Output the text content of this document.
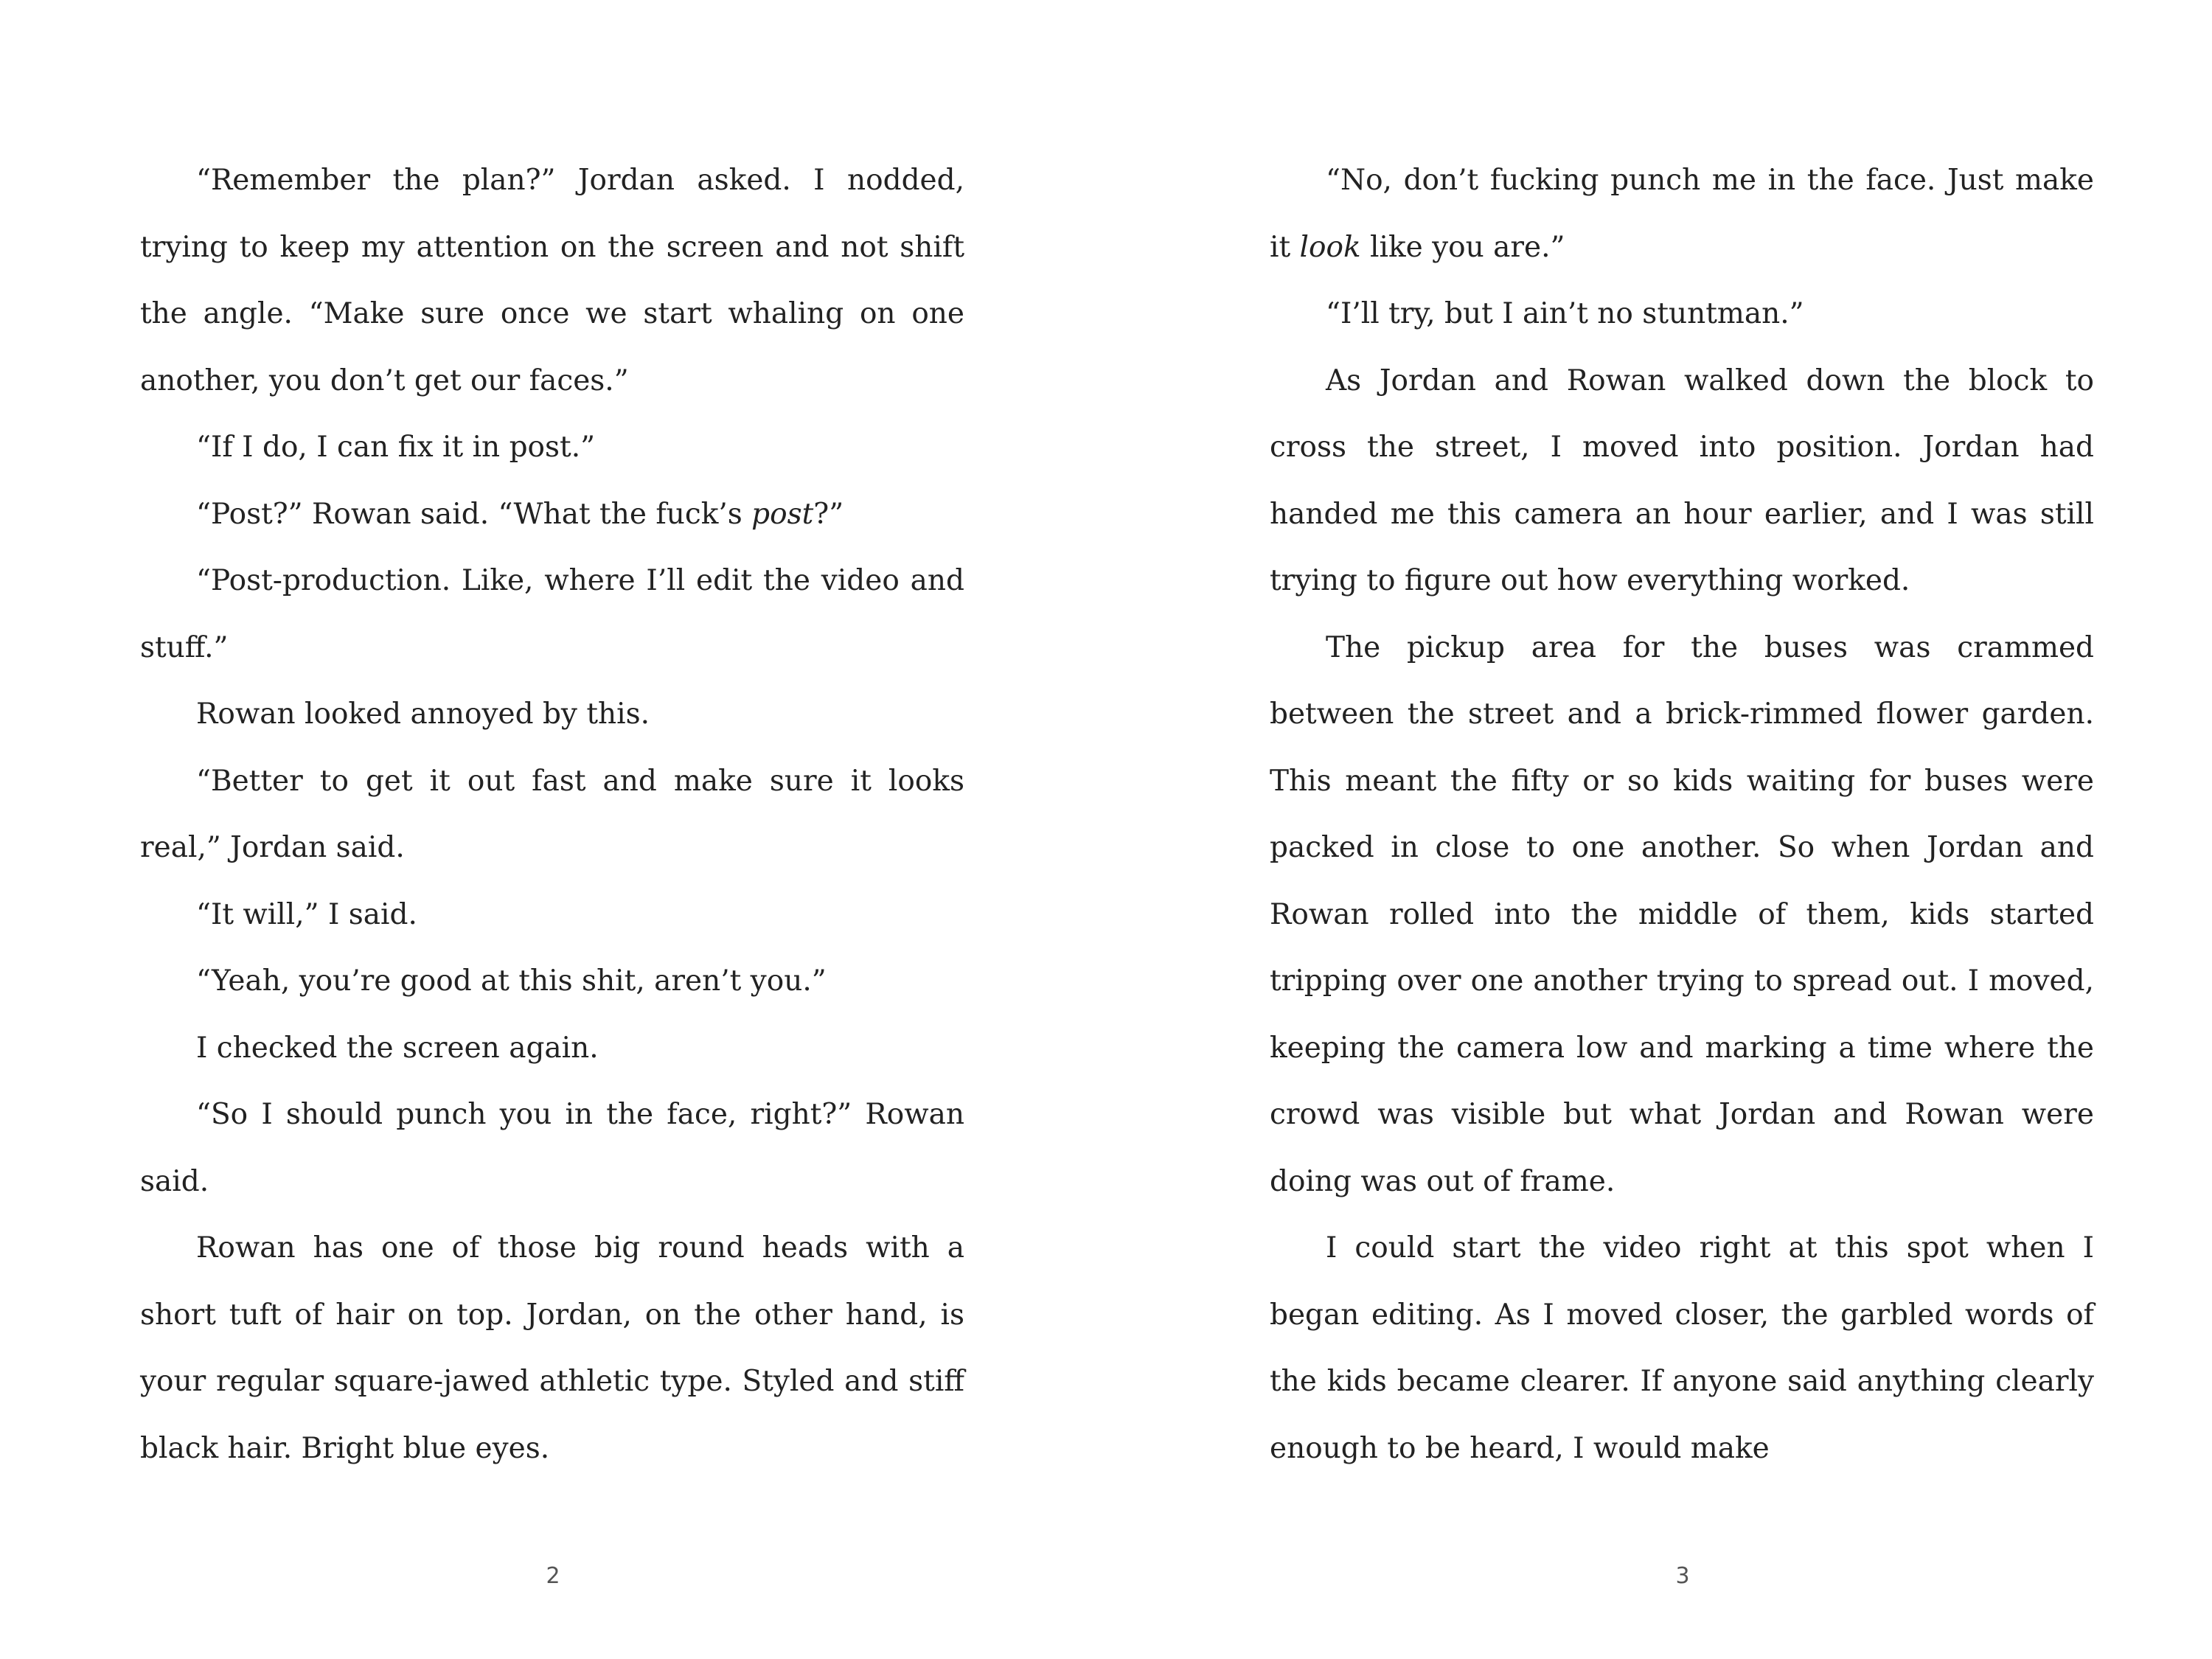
“Remember the plan?” Jordan asked. I nodded, trying to keep my attention on the screen and not shift the angle. “Make sure once we start whaling on one another, you don’t get our faces.”

“If I do, I can fix it in post.”

“Post?” Rowan said. “What the fuck’s post?”

“Post-production. Like, where I’ll edit the video and stuff.”

Rowan looked annoyed by this.

“Better to get it out fast and make sure it looks real,” Jordan said.

“It will,” I said.

“Yeah, you’re good at this shit, aren’t you.”

I checked the screen again.

“So I should punch you in the face, right?” Rowan said.

Rowan has one of those big round heads with a short tuft of hair on top. Jordan, on the other hand, is your regular square-jawed athletic type. Styled and stiff black hair. Bright blue eyes.

2

“No, don’t fucking punch me in the face. Just make it look like you are.”

“I’ll try, but I ain’t no stuntman.”

As Jordan and Rowan walked down the block to cross the street, I moved into position. Jordan had handed me this camera an hour earlier, and I was still trying to figure out how everything worked.

The pickup area for the buses was crammed between the street and a brick-rimmed flower garden. This meant the fifty or so kids waiting for buses were packed in close to one another. So when Jordan and Rowan rolled into the middle of them, kids started tripping over one another trying to spread out. I moved, keeping the camera low and marking a time where the crowd was visible but what Jordan and Rowan were doing was out of frame.

I could start the video right at this spot when I began editing. As I moved closer, the garbled words of the kids became clearer. If anyone said anything clearly enough to be heard, I would make

3
